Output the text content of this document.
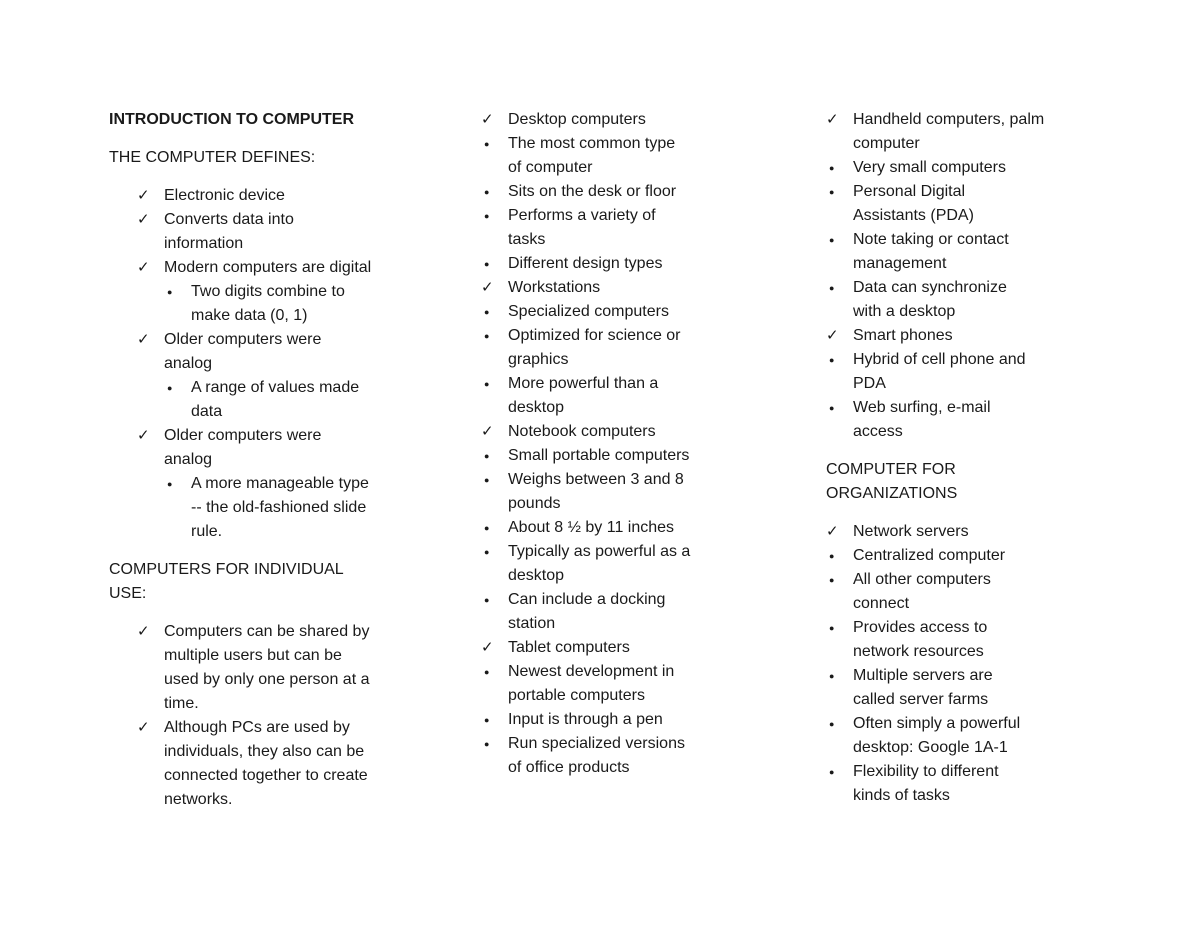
INTRODUCTION TO COMPUTER
THE COMPUTER DEFINES:
✓ Electronic device
✓ Converts data into
information
✓ Modern computers are digital
●	Two digits combine to
make data (0, 1)
✓ Older computers were
analog
●	A range of values made
data
✓ Older computers were
analog
●	A more manageable type
-- the old-fashioned slide
rule.
COMPUTERS FOR INDIVIDUAL
USE:
✓ Computers can be shared by
multiple users but can be
used by only one person at a
time.
✓ Although PCs are used by
individuals, they also can be
connected together to create
networks.
✓ Desktop computers
●	The most common type
of computer
●	Sits on the desk or floor
●	Performs a variety of
tasks
●	Different design types
✓ Workstations
●	Specialized computers
●	Optimized for science or
graphics
●	More powerful than a
desktop
✓ Notebook computers
●	Small portable computers
●	Weighs between 3 and 8
pounds
●	About 8 ½ by 11 inches
●	Typically as powerful as a
desktop
●	Can include a docking
station
✓ Tablet computers
●	Newest development in
portable computers
●	Input is through a pen
●	Run specialized versions
of office products
✓ Handheld computers, palm
computer
●	Very small computers
●	Personal Digital
Assistants (PDA)
●	Note taking or contact
management
●	Data can synchronize
with a desktop
✓ Smart phones
●	Hybrid of cell phone and
PDA
●	Web surfing, e-mail
access
COMPUTER FOR
ORGANIZATIONS
✓ Network servers
●	Centralized computer
●	All other computers
connect
●	Provides access to
network resources
●	Multiple servers are
called server farms
●	Often simply a powerful
desktop: Google 1A-1
●	Flexibility to different
kinds of tasks
